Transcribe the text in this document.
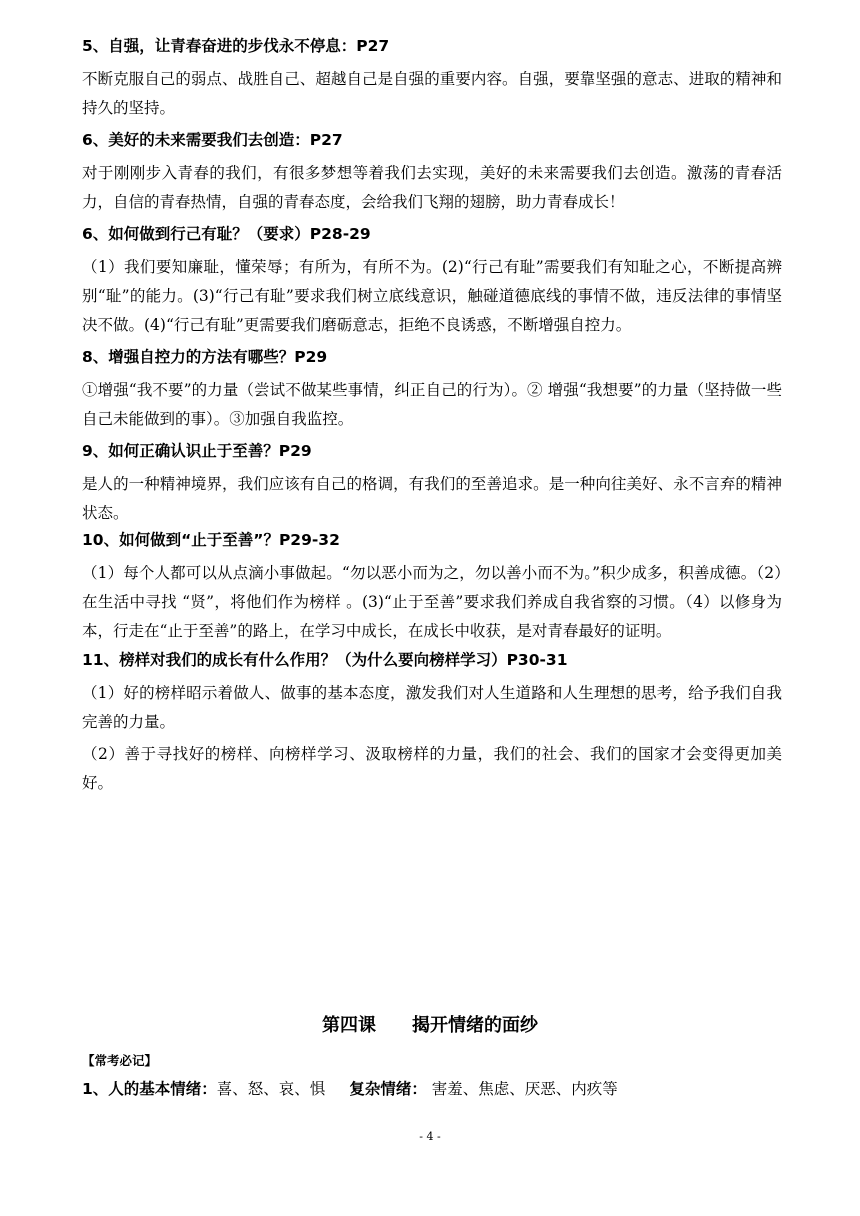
5、自强，让青春奋进的步伐永不停息：P27
不断克服自己的弱点、战胜自己、超越自己是自强的重要内容。自强，要靠坚强的意志、进取的精神和持久的坚持。
6、美好的未来需要我们去创造：P27
对于刚刚步入青春的我们，有很多梦想等着我们去实现，美好的未来需要我们去创造。激荡的青春活力，自信的青春热情，自强的青春态度，会给我们飞翔的翅膀，助力青春成长！
6、如何做到行己有耻？（要求）P28-29
（1）我们要知廉耻，懂荣辱；有所为，有所不为。(2)“行己有耻”需要我们有知耻之心，不断提高辨别“耻”的能力。(3)“行己有耻”要求我们树立底线意识，触碰道德底线的事情不做，违反法律的事情坚决不做。(4)“行己有耻”更需要我们磨砺意志，拒绝不良诱惑，不断增强自控力。
8、增强自控力的方法有哪些？P29
①增强“我不要”的力量（尝试不做某些事情，纠正自己的行为）。② 增强“我想要”的力量（坚持做一些自己未能做到的事）。③加强自我监控。
9、如何正确认识止于至善？P29
是人的一种精神境界，我们应该有自己的格调，有我们的至善追求。是一种向往美好、永不言弃的精神状态。
10、如何做到“止于至善”？P29-32
（1）每个人都可以从点滴小事做起。“勿以恶小而为之，勿以善小而不为。”积少成多，积善成德。（2）在生活中寻找 “贤”，将他们作为榜样 。(3)“止于至善”要求我们养成自我省察的习惯。（4）以修身为本，行走在“止于至善”的路上，在学习中成长，在成长中收获，是对青春最好的证明。
11、榜样对我们的成长有什么作用？（为什么要向榜样学习）P30-31
（1）好的榜样昭示着做人、做事的基本态度，激发我们对人生道路和人生理想的思考，给予我们自我完善的力量。
（2）善于寻找好的榜样、向榜样学习、汲取榜样的力量，我们的社会、我们的国家才会变得更加美好。
第四课　　揭开情绪的面纱
【常考必记】
1、人的基本情绪：喜、怒、哀、惧 复杂情绪： 害羞、焦虑、厌恶、内疚等
- 4 -
